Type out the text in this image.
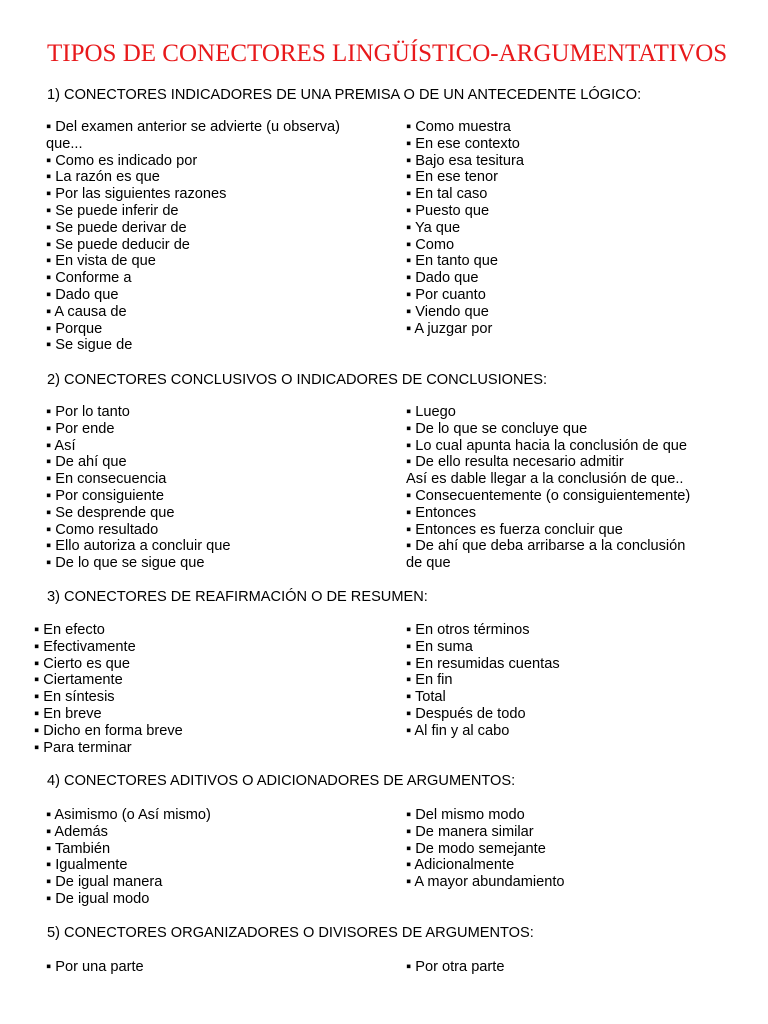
TIPOS DE CONECTORES LINGÜÍSTICO-ARGUMENTATIVOS
1) CONECTORES INDICADORES DE UNA PREMISA O DE UN ANTECEDENTE LÓGICO:
▪ Del examen anterior se advierte (u observa)
que...
▪ Como es indicado por
▪ La razón es que
▪ Por las siguientes razones
▪ Se puede inferir de
▪ Se puede derivar de
▪ Se puede deducir de
▪ En vista de que
▪ Conforme a
▪ Dado que
▪ A causa de
▪ Porque
▪ Se sigue de
▪ Como muestra
▪ En ese contexto
▪ Bajo esa tesitura
▪ En ese tenor
▪ En tal caso
▪ Puesto que
▪ Ya que
▪ Como
▪ En tanto que
▪ Dado que
▪ Por cuanto
▪ Viendo que
▪ A juzgar por
2) CONECTORES CONCLUSIVOS O INDICADORES DE CONCLUSIONES:
▪ Por lo tanto
▪ Por ende
▪ Así
▪ De ahí que
▪ En consecuencia
▪ Por consiguiente
▪ Se desprende que
▪ Como resultado
▪ Ello autoriza a concluir que
▪ De lo que se sigue que
▪ Luego
▪ De lo que se concluye que
▪ Lo cual apunta hacia la conclusión de que
▪ De ello resulta necesario admitir
Así es dable llegar a la conclusión de que..
▪ Consecuentemente (o consiguientemente)
▪ Entonces
▪ Entonces es fuerza concluir que
▪ De ahí que deba arribarse a la conclusión
de que
3) CONECTORES DE REAFIRMACIÓN O DE RESUMEN:
▪ En efecto
▪ Efectivamente
▪ Cierto es que
▪ Ciertamente
▪ En síntesis
▪ En breve
▪ Dicho en forma breve
▪ Para terminar
▪ En otros términos
▪ En suma
▪ En resumidas cuentas
▪ En fin
▪ Total
▪ Después de todo
▪ Al fin y al cabo
4) CONECTORES ADITIVOS O ADICIONADORES DE ARGUMENTOS:
▪ Asimismo (o Así mismo)
▪ Además
▪ También
▪ Igualmente
▪ De igual manera
▪ De igual modo
▪ Del mismo modo
▪ De manera similar
▪ De modo semejante
▪ Adicionalmente
▪ A mayor abundamiento
5) CONECTORES ORGANIZADORES O DIVISORES DE ARGUMENTOS:
▪ Por una parte	▪ Por otra parte
